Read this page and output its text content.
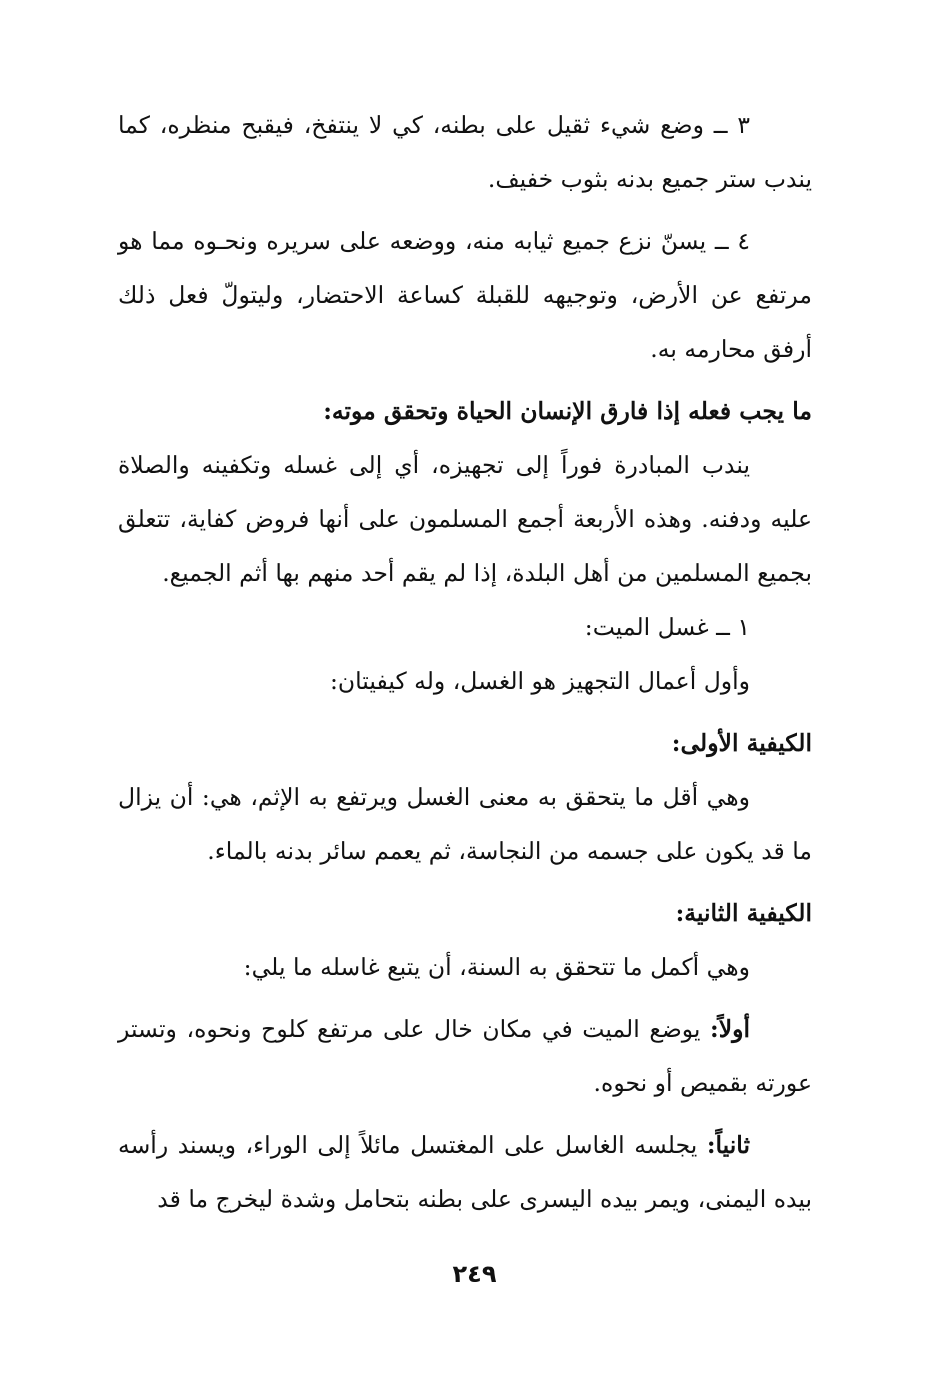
٣ ــ وضع شيء ثقيل على بطنه، كي لا ينتفخ، فيقبح منظره، كما يندب ستر جميع بدنه بثوب خفيف.

٤ ــ يسنّ نزع جميع ثيابه منه، ووضعه على سريره ونحـوه مما هو مرتفع عن الأرض، وتوجيهه للقبلة كساعة الاحتضار، وليتولّ فعل ذلك أرفق محارمه به.

ما يجب فعله إذا فارق الإنسان الحياة وتحقق موته:

يندب المبادرة فوراً إلى تجهيزه، أي إلى غسله وتكفينه والصلاة عليه ودفنه. وهذه الأربعة أجمع المسلمون على أنها فروض كفاية، تتعلق بجميع المسلمين من أهل البلدة، إذا لم يقم أحد منهم بها أثم الجميع.

١ ــ غسل الميت:

وأول أعمال التجهيز هو الغسل، وله كيفيتان:

الكيفية الأولى:

وهي أقل ما يتحقق به معنى الغسل ويرتفع به الإثم، هي: أن يزال ما قد يكون على جسمه من النجاسة، ثم يعمم سائر بدنه بالماء.

الكيفية الثانية:

وهي أكمل ما تتحقق به السنة، أن يتبع غاسله ما يلي:

أولاً: يوضع الميت في مكان خال على مرتفع كلوح ونحوه، وتستر عورته بقميص أو نحوه.

ثانياً: يجلسه الغاسل على المغتسل مائلاً إلى الوراء، ويسند رأسه بيده اليمنى، ويمر بيده اليسرى على بطنه بتحامل وشدة ليخرج ما قد

٢٤٩
